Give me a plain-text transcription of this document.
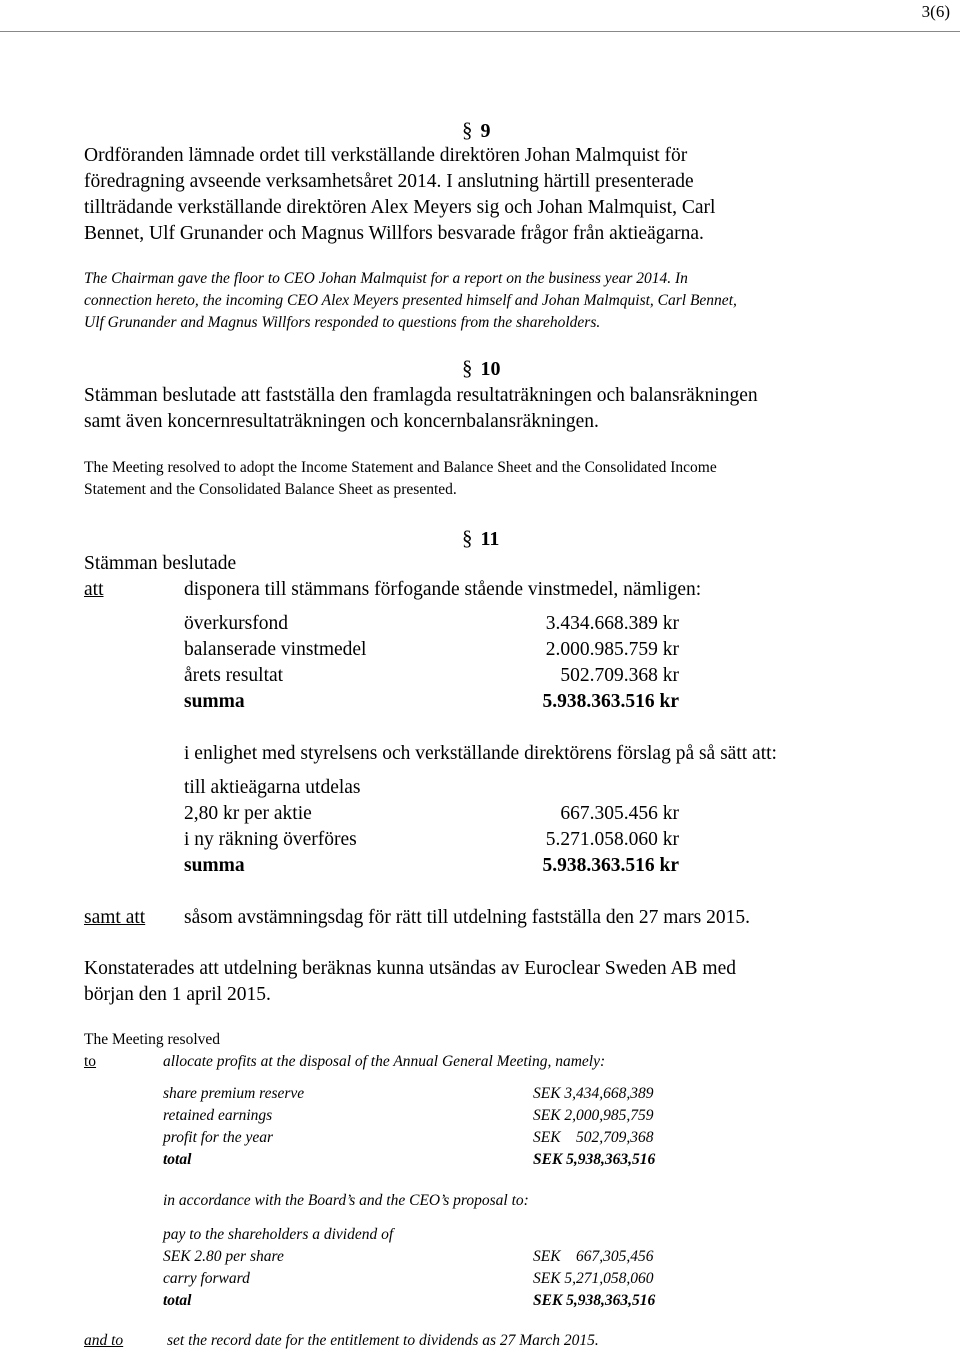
3(6)
§ 9
Ordföranden lämnade ordet till verkställande direktören Johan Malmquist för
föredragning avseende verksamhetsåret 2014. I anslutning härtill presenterade
tillträdande verkställande direktören Alex Meyers sig och Johan Malmquist, Carl
Bennet, Ulf Grunander och Magnus Willfors besvarade frågor från aktieägarna.
The Chairman gave the floor to CEO Johan Malmquist for a report on the business year 2014. In
connection hereto, the incoming CEO Alex Meyers presented himself and Johan Malmquist, Carl Bennet,
Ulf Grunander and Magnus Willfors responded to questions from the shareholders.
§ 10
Stämman beslutade att fastställa den framlagda resultaträkningen och balansräkningen
samt även koncernresultaträkningen och koncernbalansräkningen.
The Meeting resolved to adopt the Income Statement and Balance Sheet and the Consolidated Income
Statement and the Consolidated Balance Sheet as presented.
§ 11
Stämman beslutade
att	disponera till stämmans förfogande stående vinstmedel, nämligen:
överkursfond	3.434.668.389 kr
balanserade vinstmedel	2.000.985.759 kr
årets resultat	502.709.368 kr
summa	5.938.363.516 kr
i enlighet med styrelsens och verkställande direktörens förslag på så sätt att:
till aktieägarna utdelas
2,80 kr per aktie	667.305.456 kr
i ny räkning överföres	5.271.058.060 kr
summa	5.938.363.516 kr
samt att såsom avstämningsdag för rätt till utdelning fastställa den 27 mars 2015.
Konstaterades att utdelning beräknas kunna utsändas av Euroclear Sweden AB med
början den 1 april 2015.
The Meeting resolved
to	allocate profits at the disposal of the Annual General Meeting, namely:
share premium reserve	SEK 3,434,668,389
retained earnings	SEK 2,000,985,759
profit for the year	SEK    502,709,368
total	SEK 5,938,363,516
in accordance with the Board’s and the CEO’s proposal to:
pay to the shareholders a dividend of
SEK 2.80 per share	SEK    667,305,456
carry forward	SEK 5,271,058,060
total	SEK 5,938,363,516
and to	set the record date for the entitlement to dividends as 27 March 2015.
